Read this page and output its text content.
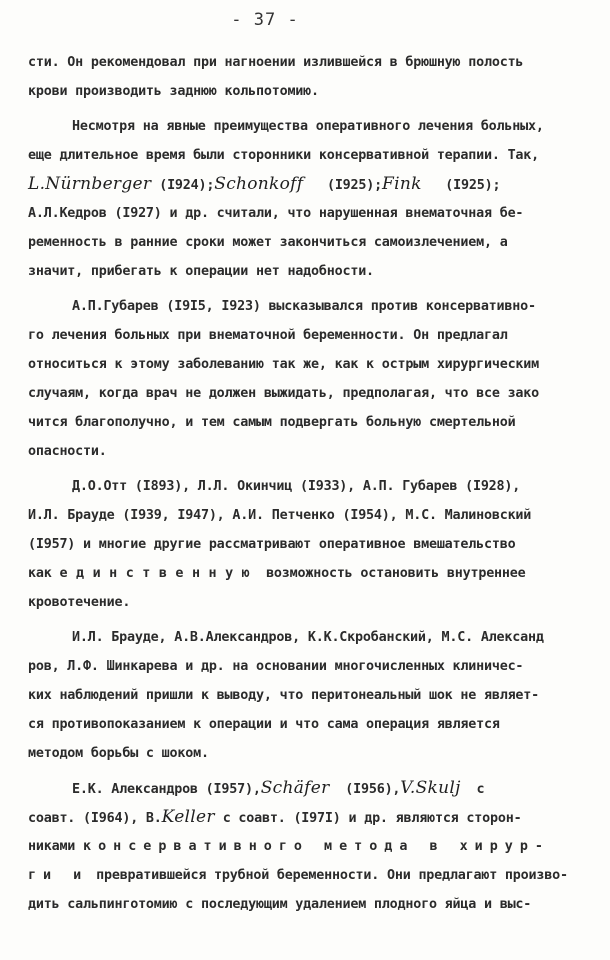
- 37 -
сти. Он рекомендовал при нагноении излившейся в брюшную полость
крови производить заднюю кольпотомию.
Несмотря на явные преимущества оперативного лечения больных,
еще длительное время были сторонники консервативной терапии. Так,
L.Nürnberger (I924);Schonkoff   (I925);Fink   (I925);
А.Л.Кедров (I927) и др. считали, что нарушенная внематочная бе-
ременность в ранние сроки может закончиться самоизлечением, а
значит, прибегать к операции нет надобности.
А.П.Губарев (I9I5, I923) высказывался против консервативно-
го лечения больных при внематочной беременности. Он предлагал
относиться к этому заболеванию так же, как к острым хирургическим
случаям, когда врач не должен выжидать, предполагая, что все зако
чится благополучно, и тем самым подвергать больную смертельной
опасности.
Д.О.Отт (I893), Л.Л. Окинчиц (I933), А.П. Губарев (I928),
И.Л. Брауде (I939, I947), А.И. Петченко (I954), М.С. Малиновский
(I957) и многие другие рассматривают оперативное вмешательство
как единственную возможность остановить внутреннее
кровотечение.
И.Л. Брауде, А.В.Александров, К.К.Скробанский, М.С. Александ
ров, Л.Ф. Шинкарева и др. на основании многочисленных клиничес-
ких наблюдений пришли к выводу, что перитонеальный шок не являет-
ся противопоказанием к операции и что сама операция является
методом борьбы с шоком.
Е.К. Александров (I957),Schäfer  (I956),V.Skulj  с
соавт. (I964), В.Keller с соавт. (I97I) и др. являются сторон-
никами консервативного метода в хирур-
ги и превратившейся трубной беременности. Они предлагают произво-
дить сальпинготомию с последующим удалением плодного яйца и выс-
